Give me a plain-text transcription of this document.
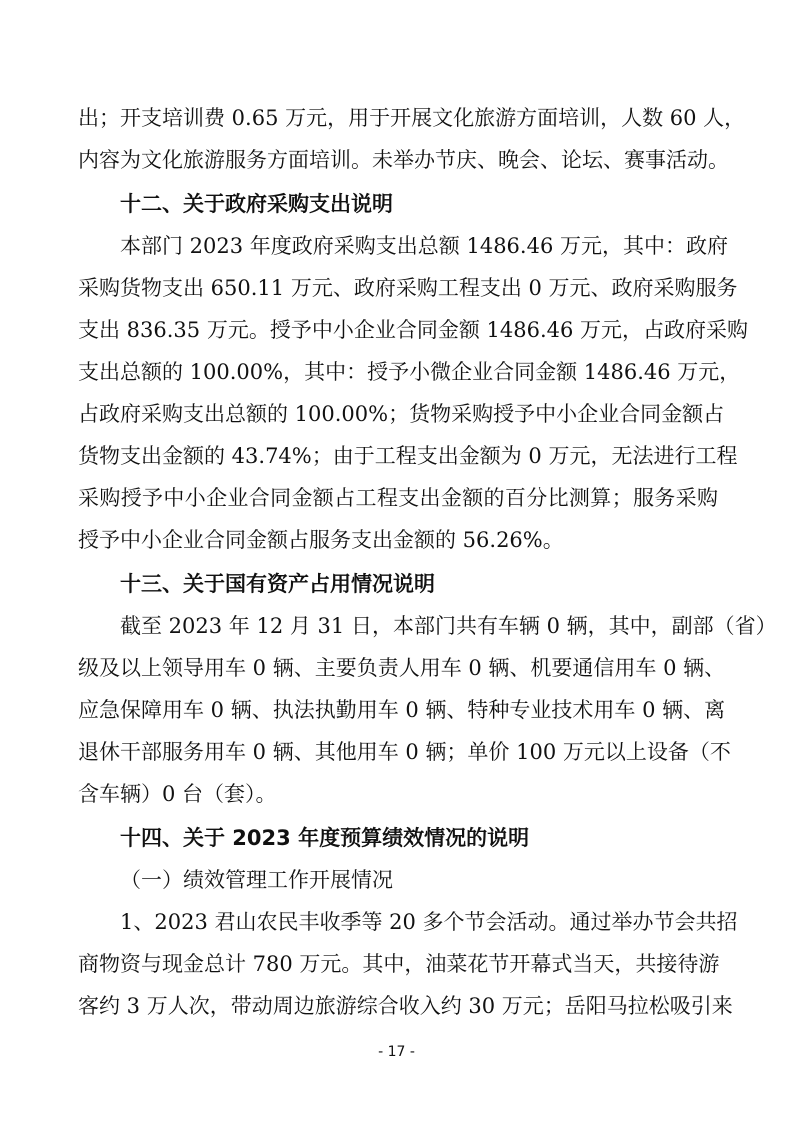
出；开支培训费 0.65 万元，用于开展文化旅游方面培训，人数 60 人，
内容为文化旅游服务方面培训。未举办节庆、晚会、论坛、赛事活动。
十二、关于政府采购支出说明
本部门 2023 年度政府采购支出总额 1486.46 万元，其中：政府
采购货物支出 650.11 万元、政府采购工程支出 0 万元、政府采购服务
支出 836.35 万元。授予中小企业合同金额 1486.46 万元，占政府采购
支出总额的 100.00%，其中：授予小微企业合同金额 1486.46 万元，
占政府采购支出总额的 100.00%；货物采购授予中小企业合同金额占
货物支出金额的 43.74%；由于工程支出金额为 0 万元，无法进行工程
采购授予中小企业合同金额占工程支出金额的百分比测算；服务采购
授予中小企业合同金额占服务支出金额的 56.26%。
十三、关于国有资产占用情况说明
截至 2023 年 12 月 31 日，本部门共有车辆 0 辆，其中，副部（省）
级及以上领导用车 0 辆、主要负责人用车 0 辆、机要通信用车 0 辆、
应急保障用车 0 辆、执法执勤用车 0 辆、特种专业技术用车 0 辆、离
退休干部服务用车 0 辆、其他用车 0 辆；单价 100 万元以上设备（不
含车辆）0 台（套）。
十四、关于 2023 年度预算绩效情况的说明
（一）绩效管理工作开展情况
1、2023 君山农民丰收季等 20 多个节会活动。通过举办节会共招
商物资与现金总计 780 万元。其中，油菜花节开幕式当天，共接待游
客约 3 万人次，带动周边旅游综合收入约 30 万元；岳阳马拉松吸引来
- 17 -
